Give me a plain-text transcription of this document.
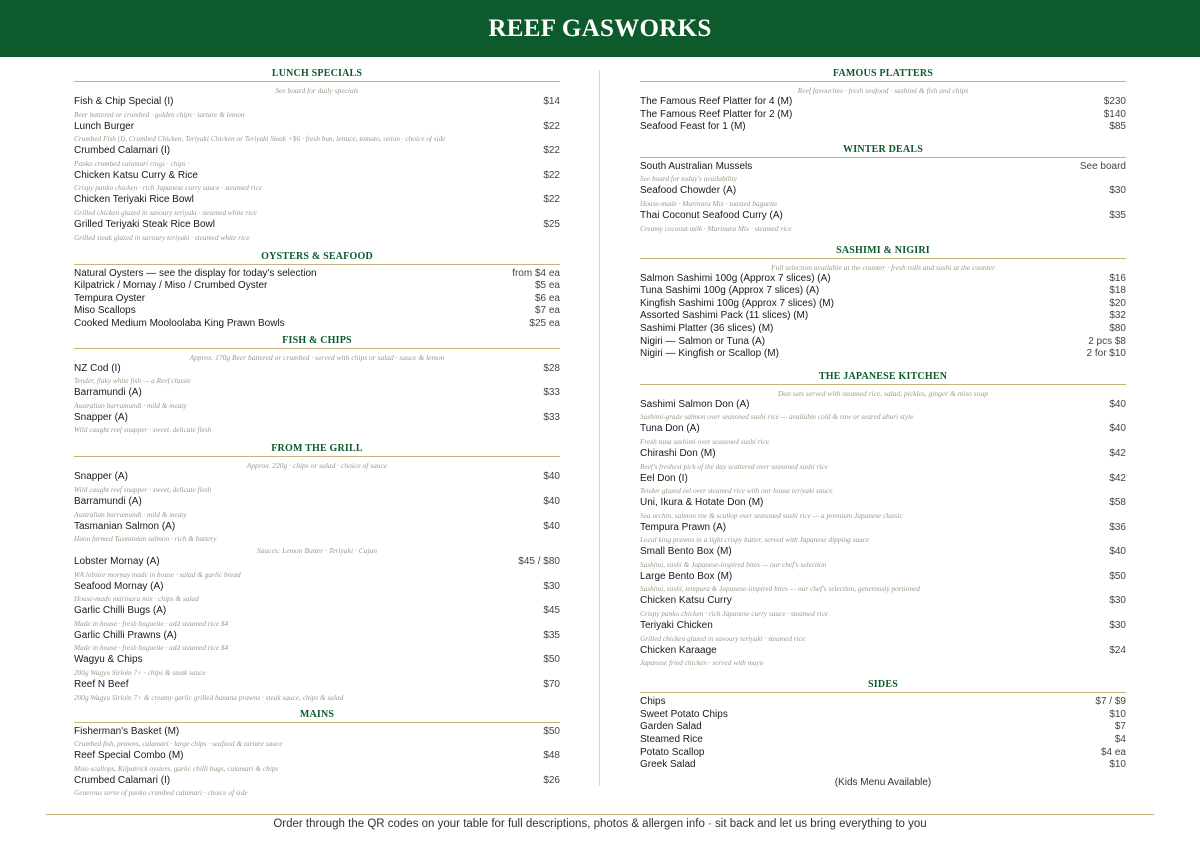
REEF GASWORKS
LUNCH SPECIALS
See board for daily specials
Fish & Chip Special (I)	$14
Beer battered or crumbed · golden chips · tartare & lemon
Lunch Burger	$22
Crumbed Fish (I), Crumbed Chicken, Teriyaki Chicken or Teriyaki Steak +$6 · fresh bun, lettuce, tomato, onion · choice of side
Crumbed Calamari (I)	$22
Panko crumbed calamari rings · chips ·
Chicken Katsu Curry & Rice	$22
Crispy panko chicken · rich Japanese curry sauce · steamed rice
Chicken Teriyaki Rice Bowl	$22
Grilled chicken glazed in savoury teriyaki · steamed white rice
Grilled Teriyaki Steak Rice Bowl	$25
Grilled steak glazed in savoury teriyaki · steamed white rice
OYSTERS & SEAFOOD
Natural Oysters — see the display for today's selection	from $4 ea
Kilpatrick / Mornay / Miso / Crumbed Oyster	$5 ea
Tempura Oyster	$6 ea
Miso Scallops	$7 ea
Cooked Medium Mooloolaba King Prawn Bowls	$25 ea
FISH & CHIPS
Approx. 170g Beer battered or crumbed · served with chips or salad · sauce & lemon
NZ Cod (I)	$28
Tender, flaky white fish — a Reef classic
Barramundi (A)	$33
Australian barramundi · mild & meaty
Snapper (A)	$33
Wild caught reef snapper · sweet, delicate flesh
FROM THE GRILL
Approx. 220g · chips or salad · choice of sauce
Snapper (A)	$40
Wild caught reef snapper · sweet, delicate flesh
Barramundi (A)	$40
Australian barramundi · mild & meaty
Tasmanian Salmon (A)	$40
Huon farmed Tasmanian salmon · rich & buttery
Sauces: Lemon Butter · Teriyaki · Cajun
Lobster Mornay (A)	$45 / $80
WA lobster mornay made in house · salad & garlic bread
Seafood Mornay (A)	$30
House-made marinara mix · chips & salad
Garlic Chilli Bugs (A)	$45
Made in house · fresh baguette · add steamed rice $4
Garlic Chilli Prawns (A)	$35
Made in house · fresh baguette · add steamed rice $4
Wagyu & Chips	$50
200g Wagyu Sirloin 7+ · chips & steak sauce
Reef N Beef	$70
200g Wagyu Sirloin 7+ & creamy garlic grilled banana prawns · steak sauce, chips & salad
MAINS
Fisherman's Basket (M)	$50
Crumbed fish, prawns, calamari · large chips · seafood & tartare sauce
Reef Special Combo (M)	$48
Miso scallops, Kilpatrick oysters, garlic chilli bugs, calamari & chips
Crumbed Calamari (I)	$26
Generous serve of panko crumbed calamari · choice of side
FAMOUS PLATTERS
Reef favourites · fresh seafood · sashimi & fish and chips
The Famous Reef Platter for 4 (M)	$230
The Famous Reef Platter for 2 (M)	$140
Seafood Feast for 1 (M)	$85
WINTER DEALS
South Australian Mussels	See board
See board for today's availability
Seafood Chowder (A)	$30
House-made · Marinara Mix · toasted baguette
Thai Coconut Seafood Curry (A)	$35
Creamy coconut milk · Marinara Mix · steamed rice
SASHIMI & NIGIRI
Full selection available at the counter · fresh rolls and sushi at the counter
Salmon Sashimi 100g (Approx 7 slices) (A)	$16
Tuna Sashimi 100g (Approx 7 slices) (A)	$18
Kingfish Sashimi 100g (Approx 7 slices) (M)	$20
Assorted Sashimi Pack (11 slices) (M)	$32
Sashimi Platter (36 slices) (M)	$80
Nigiri — Salmon or Tuna (A)	2 pcs $8
Nigiri — Kingfish or Scallop (M)	2 for $10
THE JAPANESE KITCHEN
Don sets served with steamed rice, salad, pickles, ginger & miso soup
Sashimi Salmon Don (A)	$40
Sashimi-grade salmon over seasoned sushi rice — available cold & raw or seared aburi style
Tuna Don (A)	$40
Fresh tuna sashimi over seasoned sushi rice
Chirashi Don (M)	$42
Reef's freshest pick of the day scattered over seasoned sushi rice
Eel Don (I)	$42
Tender glazed eel over steamed rice with our house teriyaki sauce
Uni, Ikura & Hotate Don (M)	$58
Sea urchin, salmon roe & scallop over seasoned sushi rice — a premium Japanese classic
Tempura Prawn (A)	$36
Local king prawns in a light crispy batter, served with Japanese dipping sauce
Small Bento Box (M)	$40
Sashimi, sushi & Japanese-inspired bites — our chef's selection
Large Bento Box (M)	$50
Sashimi, sushi, tempura & Japanese-inspired bites — our chef's selection, generously portioned
Chicken Katsu Curry	$30
Crispy panko chicken · rich Japanese curry sauce · steamed rice
Teriyaki Chicken	$30
Grilled chicken glazed in savoury teriyaki · steamed rice
Chicken Karaage	$24
Japanese fried chicken · served with mayo
SIDES
Chips	$7 / $9
Sweet Potato Chips	$10
Garden Salad	$7
Steamed Rice	$4
Potato Scallop	$4 ea
Greek Salad	$10
(Kids Menu Available)
Order through the QR codes on your table for full descriptions, photos & allergen info · sit back and let us bring everything to you
